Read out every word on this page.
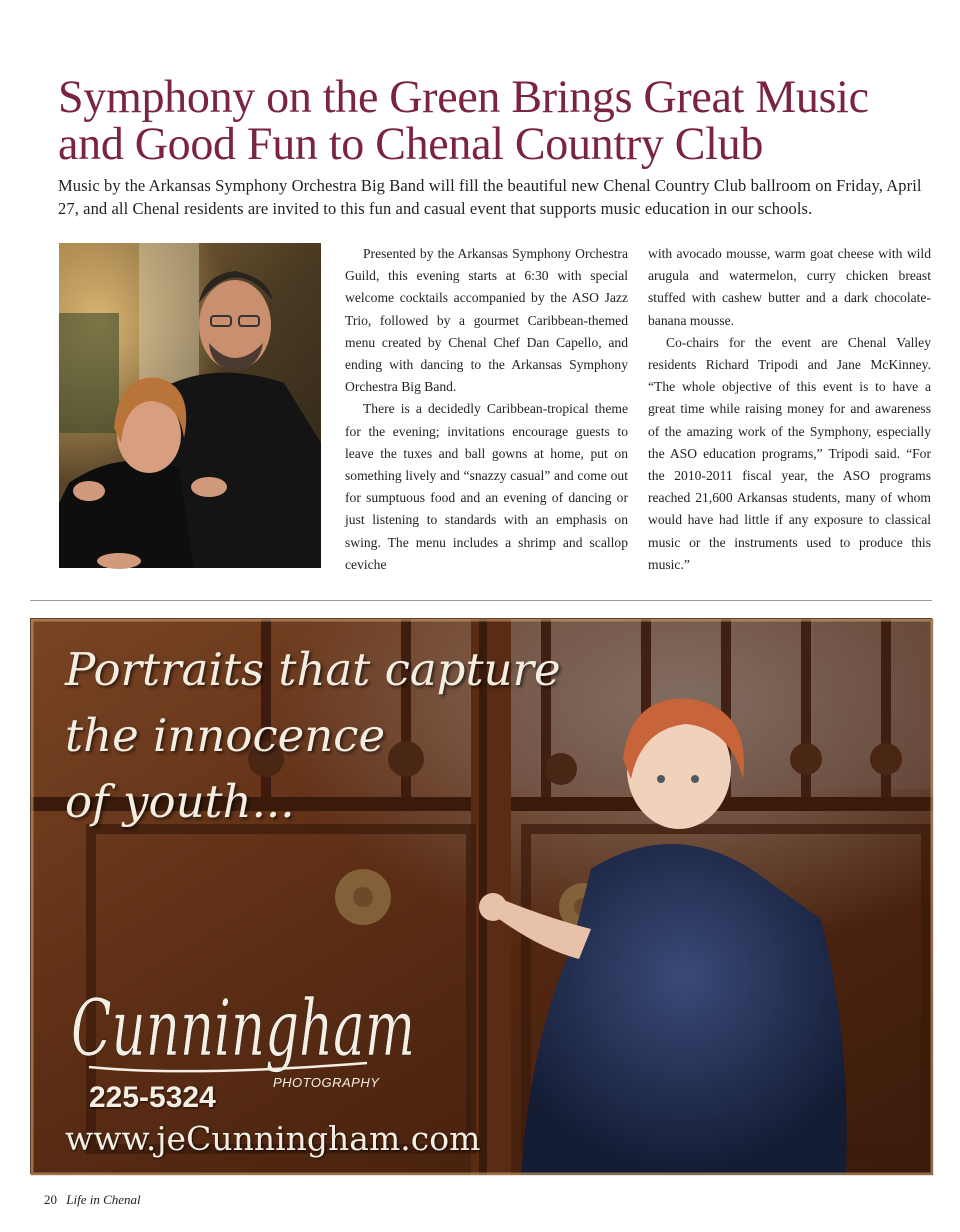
Symphony on the Green Brings Great Music and Good Fun to Chenal Country Club

Music by the Arkansas Symphony Orchestra Big Band will fill the beautiful new Chenal Country Club ballroom on Friday, April 27, and all Chenal residents are invited to this fun and casual event that supports music education in our schools.

Presented by the Arkansas Symphony Orchestra Guild, this evening starts at 6:30 with special welcome cocktails accompanied by the ASO Jazz Trio, followed by a gourmet Caribbean-themed menu created by Chenal Chef Dan Capello, and ending with dancing to the Arkansas Symphony Orchestra Big Band.

There is a decidedly Caribbean-tropical theme for the evening; invitations encourage guests to leave the tuxes and ball gowns at home, put on something lively and “snazzy casual” and come out for sumptuous food and an evening of dancing or just listening to standards with an emphasis on swing. The menu includes a shrimp and scallop ceviche

with avocado mousse, warm goat cheese with wild arugula and watermelon, curry chicken breast stuffed with cashew butter and a dark chocolate-banana mousse.

Co-chairs for the event are Chenal Valley residents Richard Tripodi and Jane McKinney. “The whole objective of this event is to have a great time while raising money for and awareness of the amazing work of the Symphony, especially the ASO education programs,” Tripodi said. “For the 2010-2011 fiscal year, the ASO programs reached 21,600 Arkansas students, many of whom would have had little if any exposure to classical music or the instruments used to produce this music.”

Portraits that capture
the innocence
of youth...

Cunningham
PHOTOGRAPHY
225-5324
www.jeCunningham.com
20 Life in Chenal
